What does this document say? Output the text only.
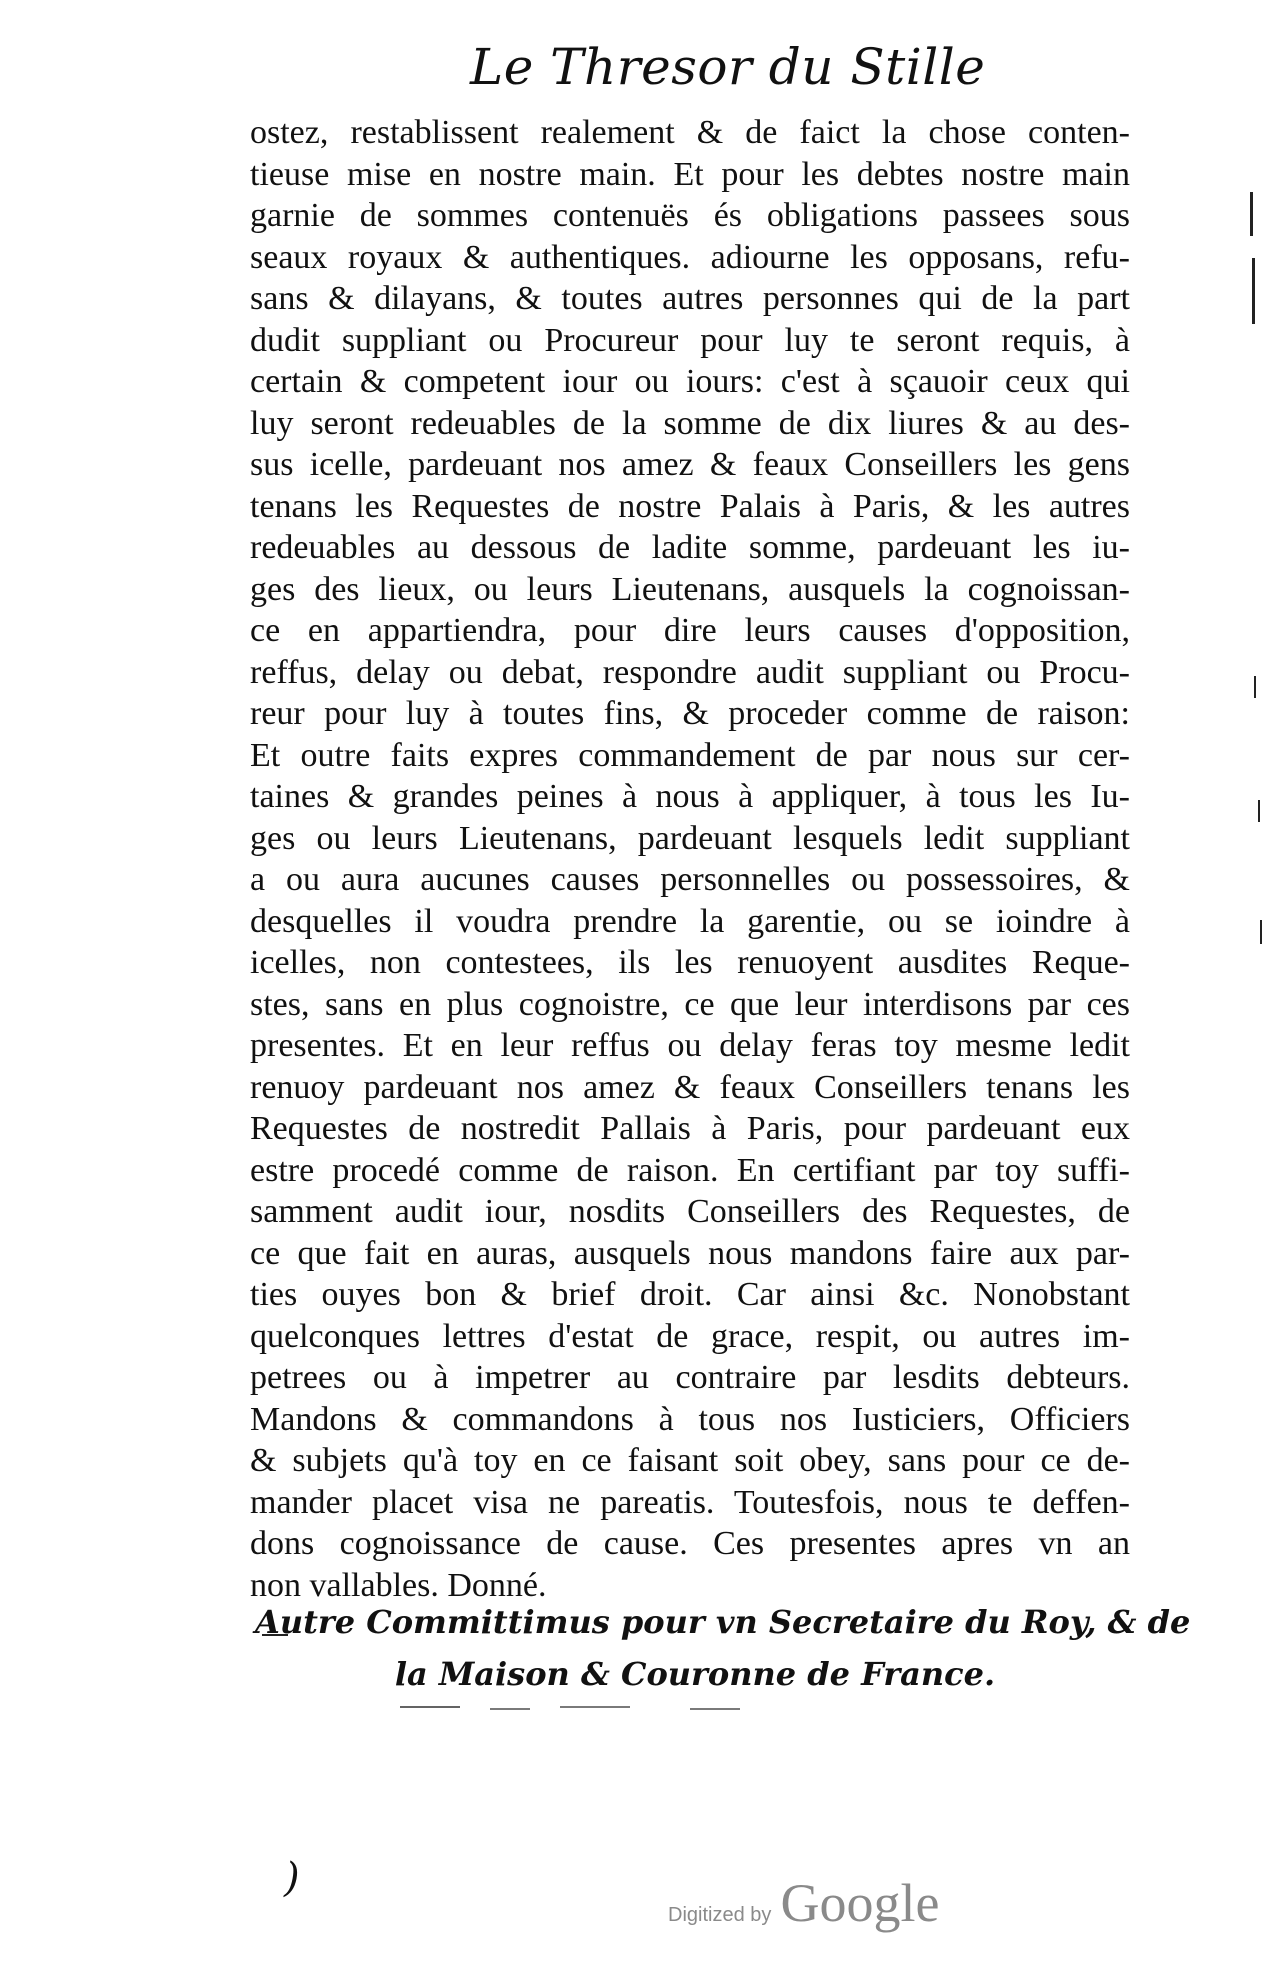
Le Thresor du Stille
ostez, restablissent realement & de faict la chose conten-
tieuse mise en nostre main. Et pour les debtes nostre main
garnie de sommes contenuës és obligations passees sous
seaux royaux & authentiques. adiourne les opposans, refu-
sans & dilayans, & toutes autres personnes qui de la part
dudit suppliant ou Procureur pour luy te seront requis, à
certain & competent iour ou iours: c'est à sçauoir ceux qui
luy seront redeuables de la somme de dix liures & au des-
sus icelle, pardeuant nos amez & feaux Conseillers les gens
tenans les Requestes de nostre Palais à Paris, & les autres
redeuables au dessous de ladite somme, pardeuant les iu-
ges des lieux, ou leurs Lieutenans, ausquels la cognoissan-
ce en appartiendra, pour dire leurs causes d'opposition,
reffus, delay ou debat, respondre audit suppliant ou Procu-
reur pour luy à toutes fins, & proceder comme de raison:
Et outre faits expres commandement de par nous sur cer-
taines & grandes peines à nous à appliquer, à tous les Iu-
ges ou leurs Lieutenans, pardeuant lesquels ledit suppliant
a ou aura aucunes causes personnelles ou possessoires, &
desquelles il voudra prendre la garentie, ou se ioindre à
icelles, non contestees, ils les renuoyent ausdites Reque-
stes, sans en plus cognoistre, ce que leur interdisons par ces
presentes. Et en leur reffus ou delay feras toy mesme ledit
renuoy pardeuant nos amez & feaux Conseillers tenans les
Requestes de nostredit Pallais à Paris, pour pardeuant eux
estre procedé comme de raison. En certifiant par toy suffi-
samment audit iour, nosdits Conseillers des Requestes, de
ce que fait en auras, ausquels nous mandons faire aux par-
ties ouyes bon & brief droit. Car ainsi &c. Nonobstant
quelconques lettres d'estat de grace, respit, ou autres im-
petrees ou à impetrer au contraire par lesdits debteurs.
Mandons & commandons à tous nos Iusticiers, Officiers
& subjets qu'à toy en ce faisant soit obey, sans pour ce de-
mander placet visa ne pareatis. Toutesfois, nous te deffen-
dons cognoissance de cause. Ces presentes apres vn an
non vallables. Donné.
Autre Committimus pour vn Secretaire du Roy, & de
la Maison & Couronne de France.
)
Digitized by Google
